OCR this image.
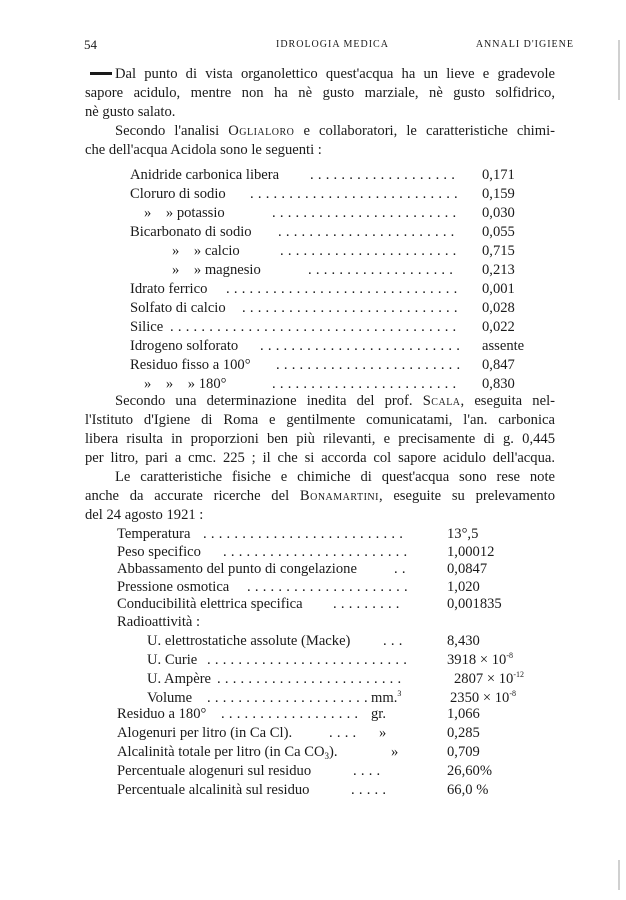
54	IDROLOGIA MEDICA	ANNALI D'IGIENE

Dal punto di vista organolettico quest'acqua ha un lieve e gradevole
sapore acidulo, mentre non ha nè gusto marziale, nè gusto solfidrico,
nè gusto salato.

Secondo l'analisi Oglialoro e collaboratori, le caratteristiche chimi-
che dell'acqua Acidola sono le seguenti :

Anidride carbonica libera ...................	0,171
Cloruro di sodio ........................... 0,159
»    » potassio	........................	0,030
Bicarbonato di sodio .......................	0,055
»    » calcio	.......................	0,715
»    » magnesio	...................	0,213
Idrato ferrico .............................. 0,001
Solfato di calcio ............................ 0,028
Silice .....................................	0,022
Idrogeno solforato .......................... assente
Residuo fisso a 100° ........................ 0,847
»    »    » 180°	........................	0,830

Secondo una determinazione inedita del prof. Scala, eseguita nel-
l'Istituto d'Igiene di Roma e gentilmente comunicatami, l'an. carbonica
libera risulta in proporzioni ben più rilevanti, e precisamente di g. 0,445
per litro, pari a cmc. 225 ; il che si accorda col sapore acidulo dell'acqua.

Le caratteristiche fisiche e chimiche di quest'acqua sono rese note
anche da accurate ricerche del Bonamartini, eseguite su prelevamento
del 24 agosto 1921 :

Temperatura ..........................	13°,5
Peso specifico ........................ 1,00012
Abbassamento del punto di congelazione	..	0,0847
Pressione osmotica ..................... 1,020
Conducibilità elettrica specifica .........	0,001835
Radioattività :
U. elettrostatiche assolute (Macke) ...	8,430
U. Curie .......................... $3918 \times 10^{-8}$
U. Ampère ........................	$2807 \times 10^{-12}$
Volume ..................... mm.$^3$	$2350 \times 10^{-8}$
Residuo a 180° .................. gr.	1,066
Alogenuri per litro (in Ca Cl).	....	»	0,285
Alcalinità totale per litro (in Ca $CO_3$).	»	0,709
Percentuale alogenuri sul residuo	....	26,60%
Percentuale alcalinità sul residuo	.....	66,0 %
